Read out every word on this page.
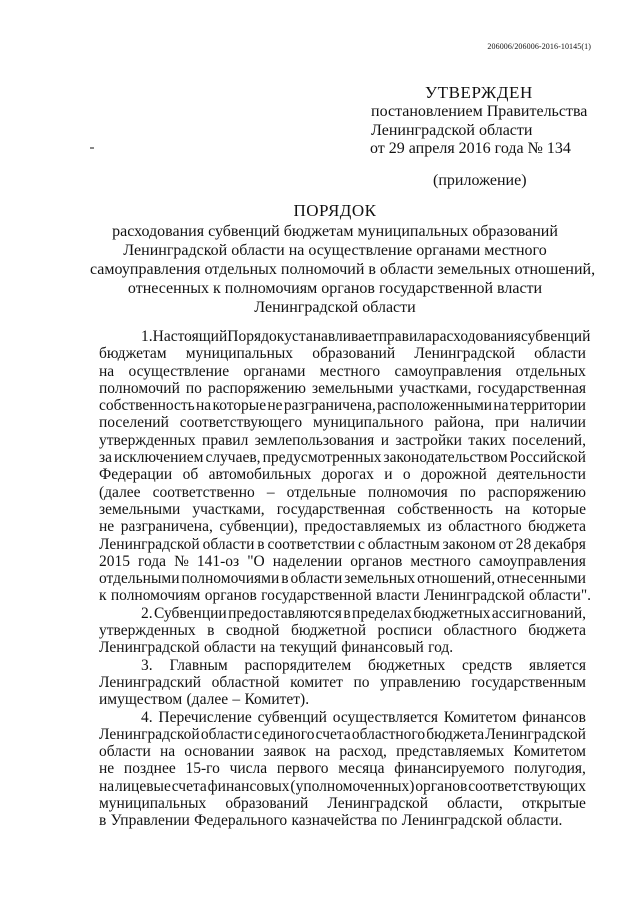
206006/206006-2016-10145(1)
УТВЕРЖДЕН
постановлением Правительства
Ленинградской области
от 29 апреля 2016 года № 134
(приложение)
ПОРЯДОК
расходования субвенций бюджетам муниципальных образований
Ленинградской области на осуществление органами местного
самоуправления отдельных полномочий в области земельных отношений,
отнесенных к полномочиям органов государственной власти
Ленинградской области
1. Настоящий Порядок устанавливает правила расходования субвенций
бюджетам муниципальных образований Ленинградской области
на осуществление органами местного самоуправления отдельных
полномочий по распоряжению земельными участками, государственная
собственность на которые не разграничена, расположенными на территории
поселений соответствующего муниципального района, при наличии
утвержденных правил землепользования и застройки таких поселений,
за исключением случаев, предусмотренных законодательством Российской
Федерации об автомобильных дорогах и о дорожной деятельности
(далее соответственно – отдельные полномочия по распоряжению
земельными участками, государственная собственность на которые
не разграничена, субвенции), предоставляемых из областного бюджета
Ленинградской области в соответствии с областным законом от 28 декабря
2015 года № 141-оз "О наделении органов местного самоуправления
отдельными полномочиями в области земельных отношений, отнесенными
к полномочиям органов государственной власти Ленинградской области".
2. Субвенции предоставляются в пределах бюджетных ассигнований,
утвержденных в сводной бюджетной росписи областного бюджета
Ленинградской области на текущий финансовый год.
3. Главным распорядителем бюджетных средств является
Ленинградский областной комитет по управлению государственным
имуществом (далее – Комитет).
4. Перечисление субвенций осуществляется Комитетом финансов
Ленинградской области с единого счета областного бюджета Ленинградской
области на основании заявок на расход, представляемых Комитетом
не позднее 15-го числа первого месяца финансируемого полугодия,
на лицевые счета финансовых (уполномоченных) органов соответствующих
муниципальных образований Ленинградской области, открытые
в Управлении Федерального казначейства по Ленинградской области.
